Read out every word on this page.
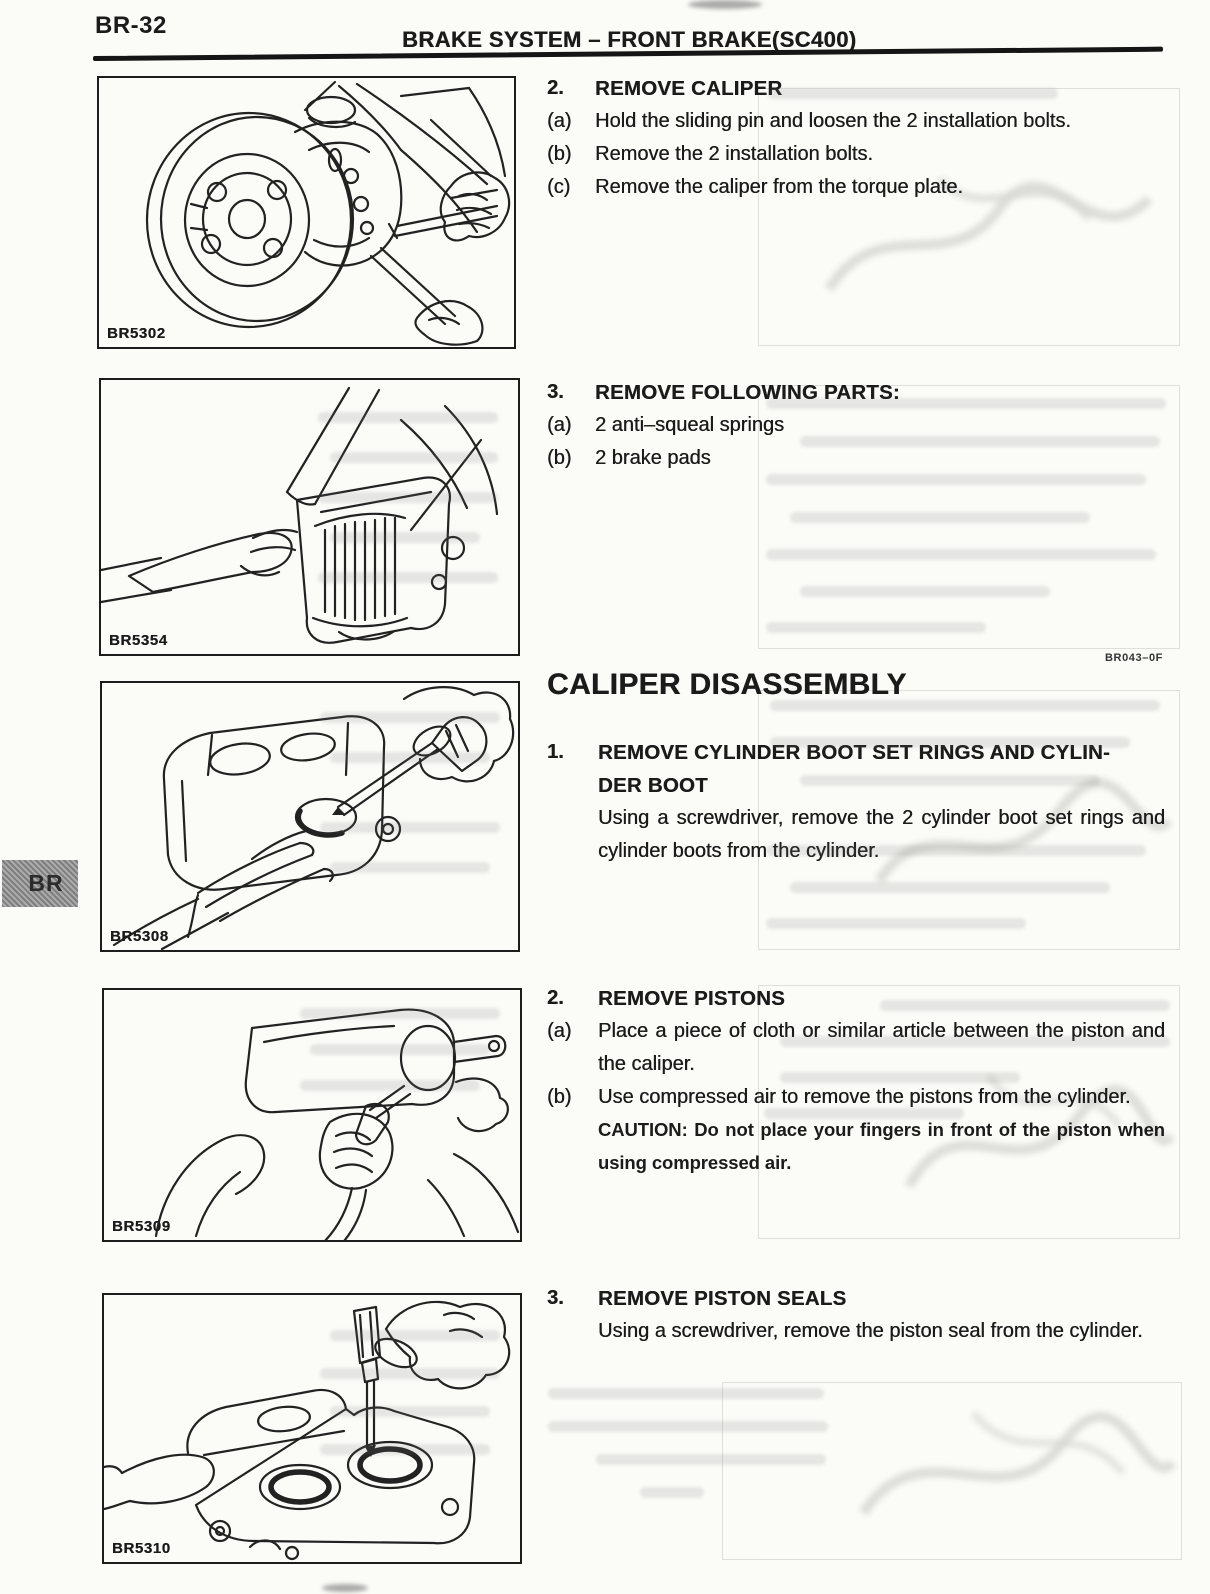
BR-32
BRAKE SYSTEM – FRONT BRAKE(SC400)
BR
BR5302
BR5354
BR5308
BR5309
BR5310
2.	REMOVE CALIPER
(a)	Hold the sliding pin and loosen the 2 installation bolts.
(b)	Remove the 2 installation bolts.
(c)	Remove the caliper from the torque plate.
3.	REMOVE FOLLOWING PARTS:
(a)	2 anti–squeal springs
(b)	2 brake pads
BR043–0F
CALIPER DISASSEMBLY
1.	REMOVE CYLINDER BOOT SET RINGS AND CYLIN-
DER BOOT
Using a screwdriver, remove the 2 cylinder boot set rings and cylinder boots from the cylinder.
2.	REMOVE PISTONS
(a)	Place a piece of cloth or similar article between the piston and the caliper.
(b)	Use compressed air to remove the pistons from the cylinder.
CAUTION: Do not place your fingers in front of the piston when using compressed air.
3.	REMOVE PISTON SEALS
Using a screwdriver, remove the piston seal from the cylinder.
